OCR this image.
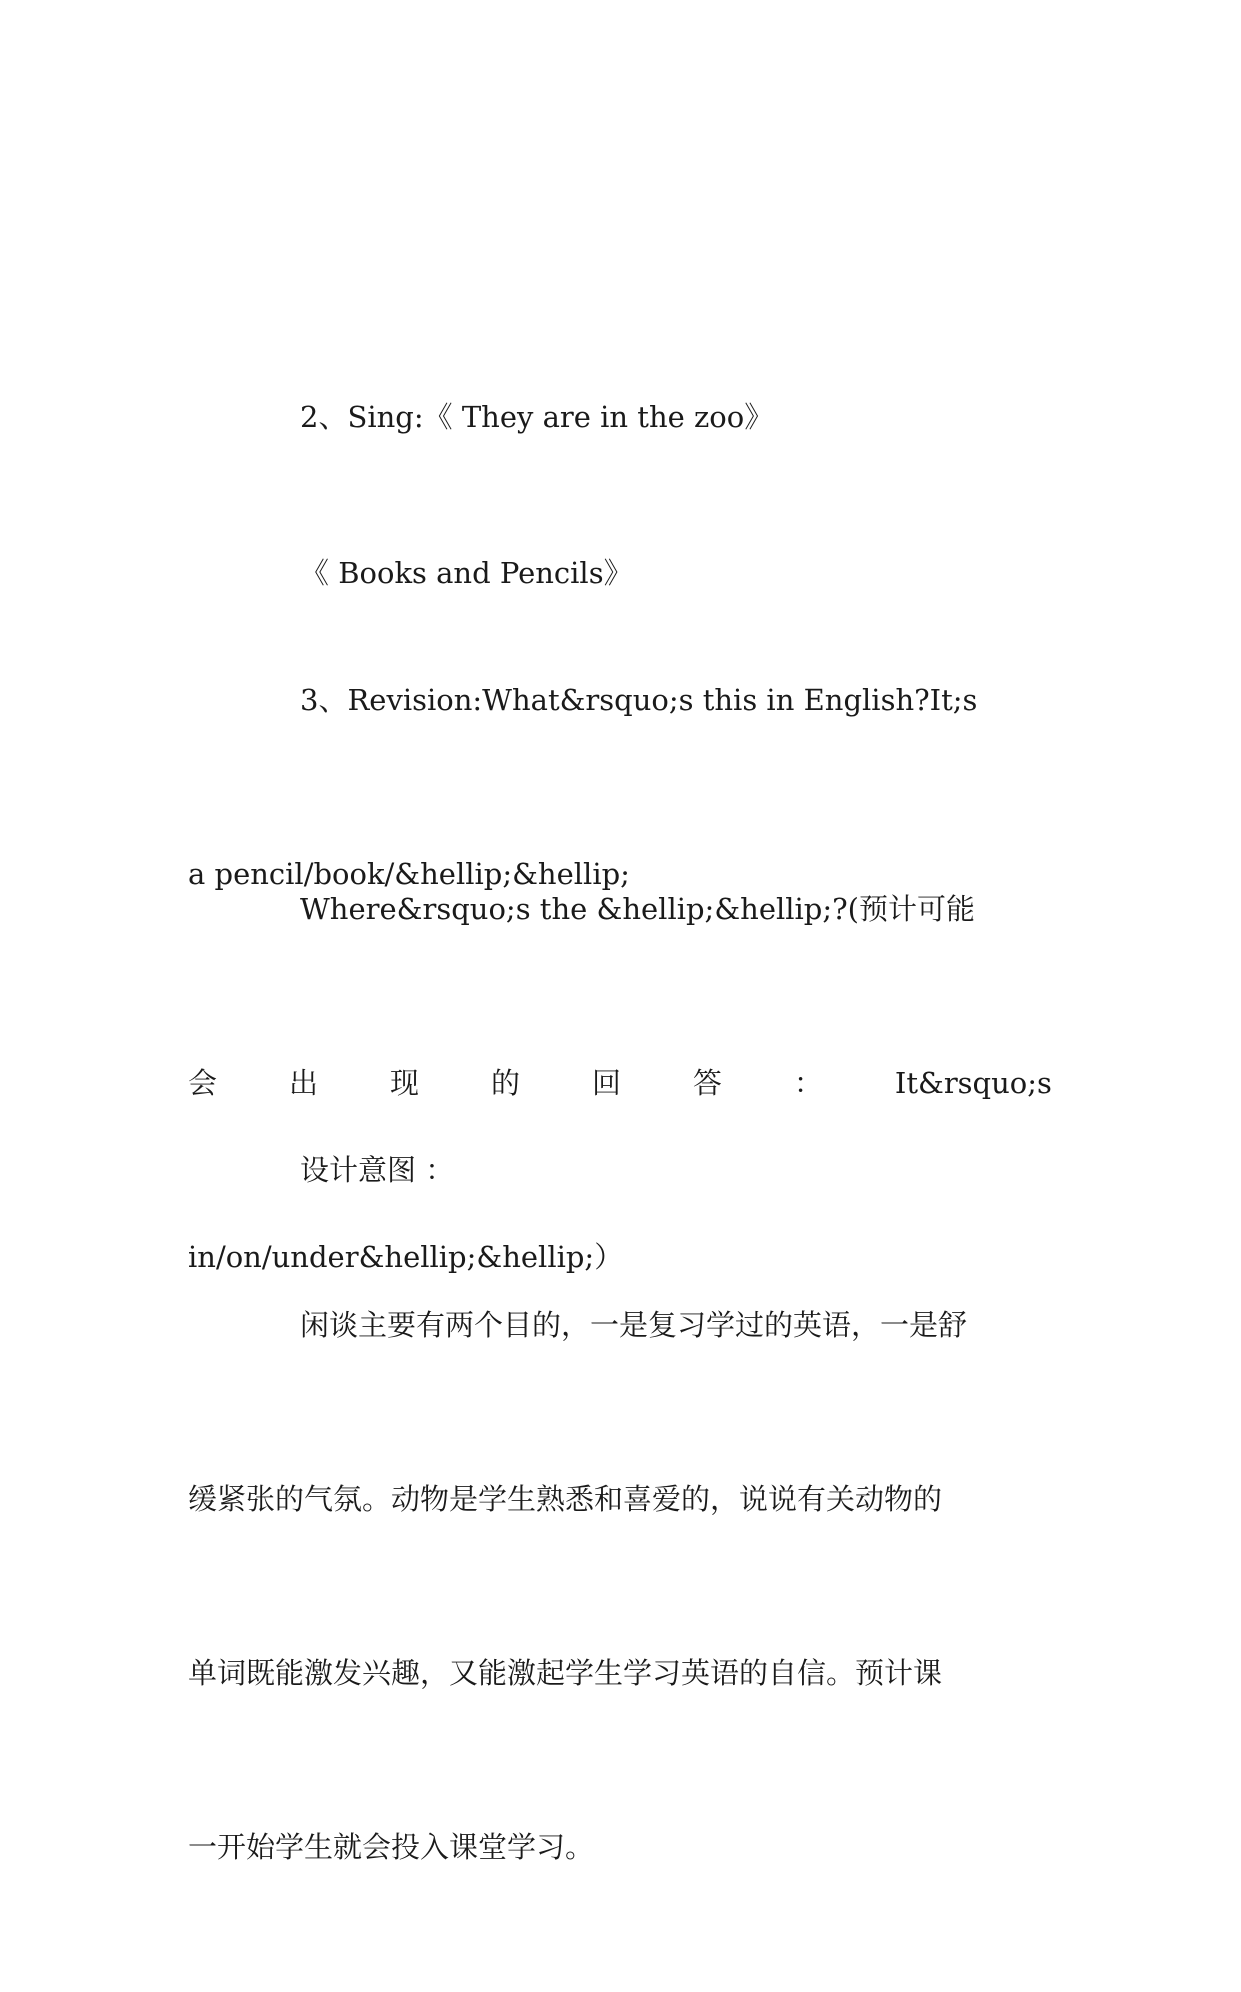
2、Sing:《 They are in the zoo》

《 Books and Pencils》

3、Revision:What&rsquo;s this in English?It;s

a pencil/book/&hellip;&hellip;

Where&rsquo;s the &hellip;&hellip;?(预计可能

会 出 现 的 回 答 ： It&rsquo;s

in/on/under&hellip;&hellip;）

设计意图 ：

闲谈主要有两个目的，一是复习学过的英语，一是舒

缓紧张的气氛。动物是学生熟悉和喜爱的，说说有关动物的

单词既能激发兴趣，又能激起学生学习英语的自信。预计课

一开始学生就会投入课堂学习。
